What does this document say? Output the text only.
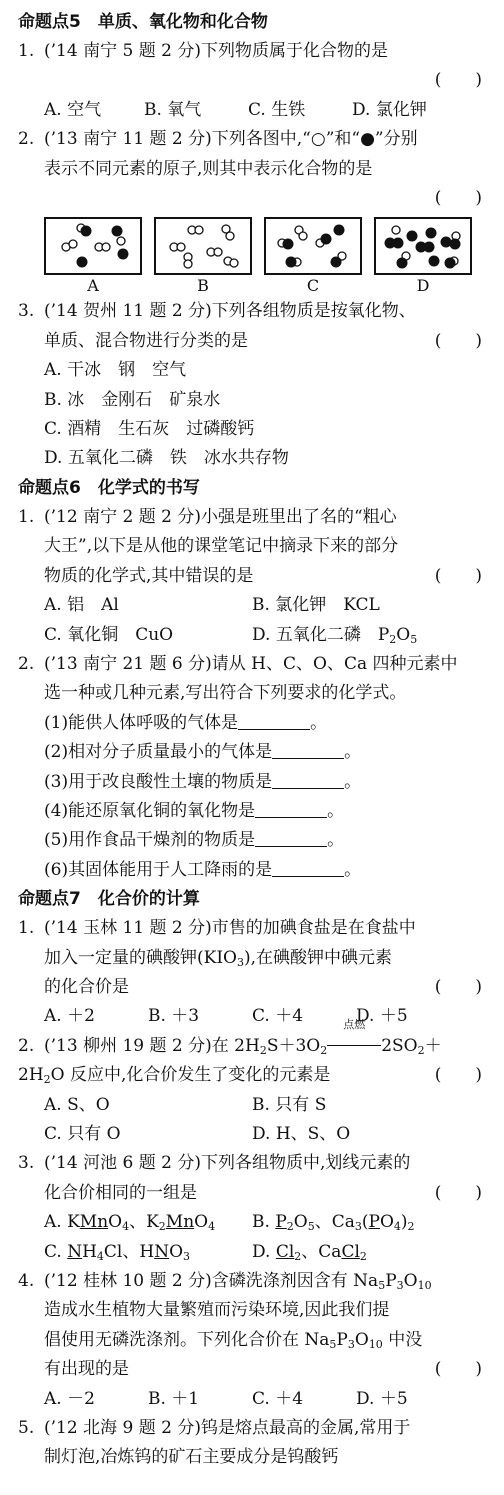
命题点5　单质、氧化物和化合物
1. (’14 南宁 5 题 2 分)下列物质属于化合物的是
(　　)
A. 空气	B. 氧气	C. 生铁	D. 氯化钾
2. (’13 南宁 11 题 2 分)下列各图中,“○”和“●”分别
表示不同元素的原子,则其中表示化合物的是
(　　)
A	B	C	D
3. (’14 贺州 11 题 2 分)下列各组物质是按氧化物、
单质、混合物进行分类的是	(　　)
A. 干冰　钢　空气
B. 冰　金刚石　矿泉水
C. 酒精　生石灰　过磷酸钙
D. 五氧化二磷　铁　冰水共存物
命题点6　化学式的书写
1. (’12 南宁 2 题 2 分)小强是班里出了名的“粗心
大王”,以下是从他的课堂笔记中摘录下来的部分
物质的化学式,其中错误的是	(　　)
A. 铝　Al	B. 氯化钾　KCL
C. 氧化铜　CuO	D. 五氧化二磷　$P_2O_5$
2. (’13 南宁 21 题 6 分)请从 H、C、O、Ca 四种元素中
选一种或几种元素,写出符合下列要求的化学式。
(1)能供人体呼吸的气体是	。
(2)相对分子质量最小的气体是	。
(3)用于改良酸性土壤的物质是	。
(4)能还原氧化铜的氧化物是	。
(5)用作食品干燥剂的物质是	。
(6)其固体能用于人工降雨的是	。
命题点7　化合价的计算
1. (’14 玉林 11 题 2 分)市售的加碘食盐是在食盐中
加入一定量的碘酸钾$(KIO_3)$,在碘酸钾中碘元素
的化合价是	(　　)
A. ＋2	B. ＋3	C. ＋4	D. ＋5
2. (’13 柳州 19 题 2 分)在 $2H_2S+3O_2$
点燃
$2SO_2+$
$2H_2O$ 反应中,化合价发生了变化的元素是	(　　)
A. S、O	B. 只有 S
C. 只有 O	D. H、S、O
3. (’14 河池 6 题 2 分)下列各组物质中,划线元素的
化合价相同的一组是	(　　)
A. KMnO$_4$、$K_2MnO_4$	B. $P_2O_5$、$Ca_3(PO_4)_2$
C. $NH_4Cl$、$HNO_3$	D. $Cl_2$、CaCl$_2$
4. (’12 桂林 10 题 2 分)含磷洗涤剂因含有 $Na_5P_3O_{10}$
造成水生植物大量繁殖而污染环境,因此我们提
倡使用无磷洗涤剂。下列化合价在 $Na_5P_3O_{10}$ 中没
有出现的是	(　　)
A. －2	B. ＋1	C. ＋4	D. ＋5
5. (’12 北海 9 题 2 分)钨是熔点最高的金属,常用于
制灯泡,冶炼钨的矿石主要成分是钨酸钙
